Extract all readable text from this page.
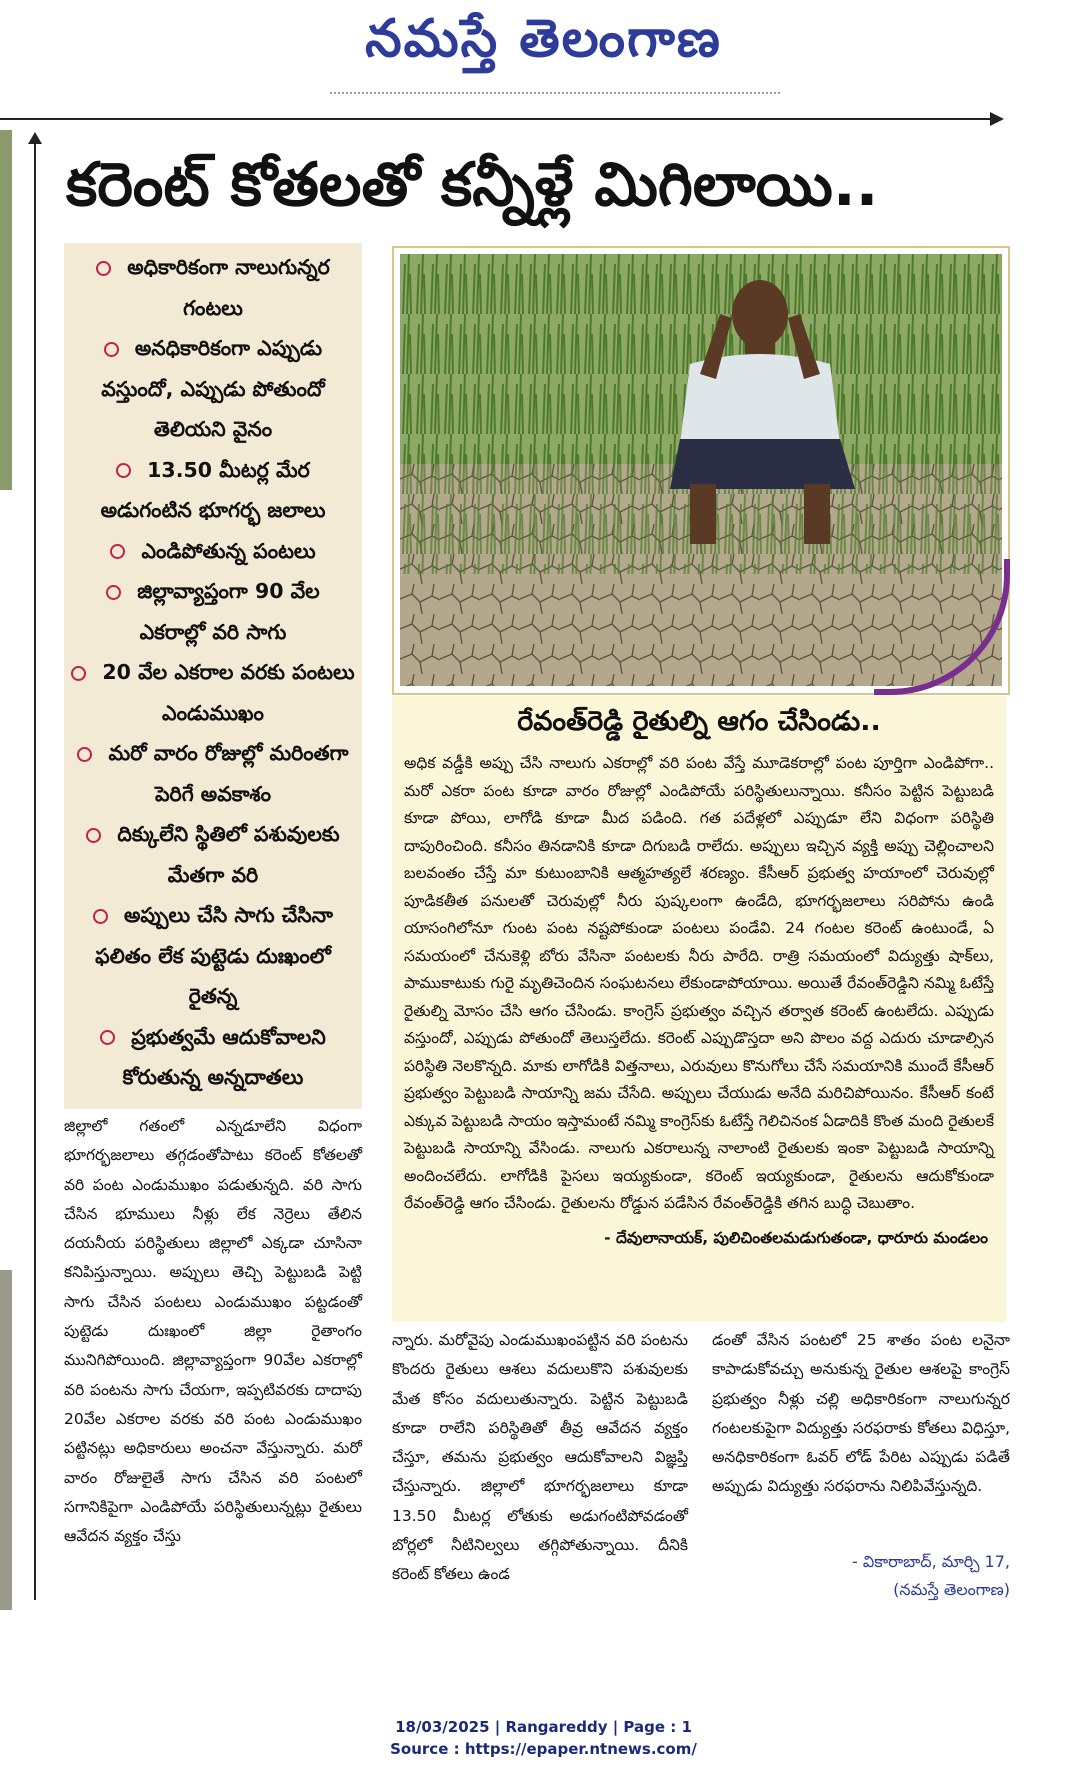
నమస్తే తెలంగాణ
కరెంట్ కోతలతో కన్నీళ్లే మిగిలాయి..
అధికారికంగా నాలుగున్నర గంటలు
అనధికారికంగా ఎప్పుడు వస్తుందో, ఎప్పుడు పోతుందో తెలియని వైనం
13.50 మీటర్ల మేర అడుగంటిన భూగర్భ జలాలు
ఎండిపోతున్న పంటలు
జిల్లావ్యాప్తంగా 90 వేల ఎకరాల్లో వరి సాగు
20 వేల ఎకరాల వరకు పంటలు ఎండుముఖం
మరో వారం రోజుల్లో మరింతగా పెరిగే అవకాశం
దిక్కులేని స్థితిలో పశువులకు మేతగా వరి
అప్పులు చేసి సాగు చేసినా ఫలితం లేక పుట్టెడు దుఃఖంలో రైతన్న
ప్రభుత్వమే ఆదుకోవాలని కోరుతున్న అన్నదాతలు
జిల్లాలో గతంలో ఎన్నడూలేని విధంగా భూగర్భజలాలు తగ్గడంతోపాటు కరెంట్ కోతలతో వరి పంట ఎండుముఖం పడుతున్నది. వరి సాగు చేసిన భూములు నీళ్లు లేక నెర్రెలు తేలిన దయనీయ పరిస్థితులు జిల్లాలో ఎక్కడా చూసినా కనిపిస్తున్నాయి. అప్పులు తెచ్చి పెట్టుబడి పెట్టి సాగు చేసిన పంటలు ఎండుముఖం పట్టడంతో పుట్టెడు దుఃఖంలో జిల్లా రైతాంగం మునిగిపోయింది. జిల్లావ్యాప్తంగా 90వేల ఎకరాల్లో వరి పంటను సాగు చేయగా, ఇప్పటివరకు దాదాపు 20వేల ఎకరాల వరకు వరి పంట ఎండుముఖం పట్టినట్లు అధికారులు అంచనా వేస్తున్నారు. మరో వారం రోజులైతే సాగు చేసిన వరి పంటలో సగానికిపైగా ఎండిపోయే పరిస్థితులున్నట్లు రైతులు ఆవేదన వ్యక్తం చేస్తు
రేవంత్‌రెడ్డి రైతుల్ని ఆగం చేసిండు..
అధిక వడ్డీకి అప్పు చేసి నాలుగు ఎకరాల్లో వరి పంట వేస్తే మూడెకరాల్లో పంట పూర్తిగా ఎండిపోగా.. మరో ఎకరా పంట కూడా వారం రోజుల్లో ఎండిపోయే పరిస్థితులున్నాయి. కనీసం పెట్టిన పెట్టుబడి కూడా పోయి, లాగోడి కూడా మీద పడింది. గత పదేళ్లలో ఎప్పుడూ లేని విధంగా పరిస్థితి దాపురించింది. కనీసం తినడానికి కూడా దిగుబడి రాలేదు. అప్పులు ఇచ్చిన వ్యక్తి అప్పు చెల్లించాలని బలవంతం చేస్తే మా కుటుంబానికి ఆత్మహత్యలే శరణ్యం. కేసీఆర్ ప్రభుత్వ హయాంలో చెరువుల్లో పూడికతీత పనులతో చెరువుల్లో నీరు పుష్కలంగా ఉండేది, భూగర్భజలాలు సరిపోను ఉండి యాసంగిలోనూ గుంట పంట నష్టపోకుండా పంటలు పండేవి. 24 గంటల కరెంట్ ఉంటుండే, ఏ సమయంలో చేనుకెళ్లి బోరు వేసినా పంటలకు నీరు పారేది. రాత్రి సమయంలో విద్యుత్తు షాక్‌లు, పాముకాటుకు గురై మృతిచెందిన సంఘటనలు లేకుండాపోయాయి. అయితే రేవంత్‌రెడ్డిని నమ్మి ఓటేస్తే రైతుల్ని మోసం చేసి ఆగం చేసిండు. కాంగ్రెస్ ప్రభుత్వం వచ్చిన తర్వాత కరెంట్ ఉంటలేదు. ఎప్పుడు వస్తుందో, ఎప్పుడు పోతుందో తెలుస్తలేదు. కరెంట్ ఎప్పుడొస్తదా అని పొలం వద్ద ఎదురు చూడాల్సిన పరిస్థితి నెలకొన్నది. మాకు లాగోడికి విత్తనాలు, ఎరువులు కొనుగోలు చేసే సమయానికి ముందే కేసీఆర్ ప్రభుత్వం పెట్టుబడి సాయాన్ని జమ చేసేది. అప్పులు చేయుడు అనేది మరిచిపోయినం. కేసీఆర్ కంటే ఎక్కువ పెట్టుబడి సాయం ఇస్తామంటే నమ్మి కాంగ్రెస్‌కు ఓటేస్తే గెలిచినంక ఏడాదికి కొంత మంది రైతులకే పెట్టుబడి సాయాన్ని వేసిండు. నాలుగు ఎకరాలున్న నాలాంటి రైతులకు ఇంకా పెట్టుబడి సాయాన్ని అందించలేదు. లాగోడికి పైసలు ఇయ్యకుండా, కరెంట్ ఇయ్యకుండా, రైతులను ఆదుకోకుండా రేవంత్‌రెడ్డి ఆగం చేసిండు. రైతులను రోడ్డున పడేసిన రేవంత్‌రెడ్డికి తగిన బుద్ధి చెబుతాం.
- దేవులానాయక్, పులిచింతలమడుగుతండా, ధారూరు మండలం
న్నారు. మరోవైపు ఎండుముఖంపట్టిన వరి పంటను కొందరు రైతులు ఆశలు వదులుకొని పశువులకు మేత కోసం వదులుతున్నారు. పెట్టిన పెట్టుబడి కూడా రాలేని పరిస్థితితో తీవ్ర ఆవేదన వ్యక్తం చేస్తూ, తమను ప్రభుత్వం ఆదుకోవాలని విజ్ఞప్తి చేస్తున్నారు. జిల్లాలో భూగర్భజలాలు కూడా 13.50 మీటర్ల లోతుకు అడుగంటిపోవడంతో బోర్లలో నీటినిల్వలు తగ్గిపోతున్నాయి. దీనికి కరెంట్ కోతలు ఉండ
డంతో వేసిన పంటలో 25 శాతం పంట లనైనా కాపాడుకోవచ్చు అనుకున్న రైతుల ఆశలపై కాంగ్రెస్ ప్రభుత్వం నీళ్లు చల్లి అధికారికంగా నాలుగున్నర గంటలకుపైగా విద్యుత్తు సరఫరాకు కోతలు విధిస్తూ, అనధికారికంగా ఓవర్ లోడ్ పేరిట ఎప్పుడు పడితే అప్పుడు విద్యుత్తు సరఫరాను నిలిపివేస్తున్నది.
- వికారాబాద్, మార్చి 17,
(నమస్తే తెలంగాణ)
18/03/2025 | Rangareddy | Page : 1
Source : https://epaper.ntnews.com/
